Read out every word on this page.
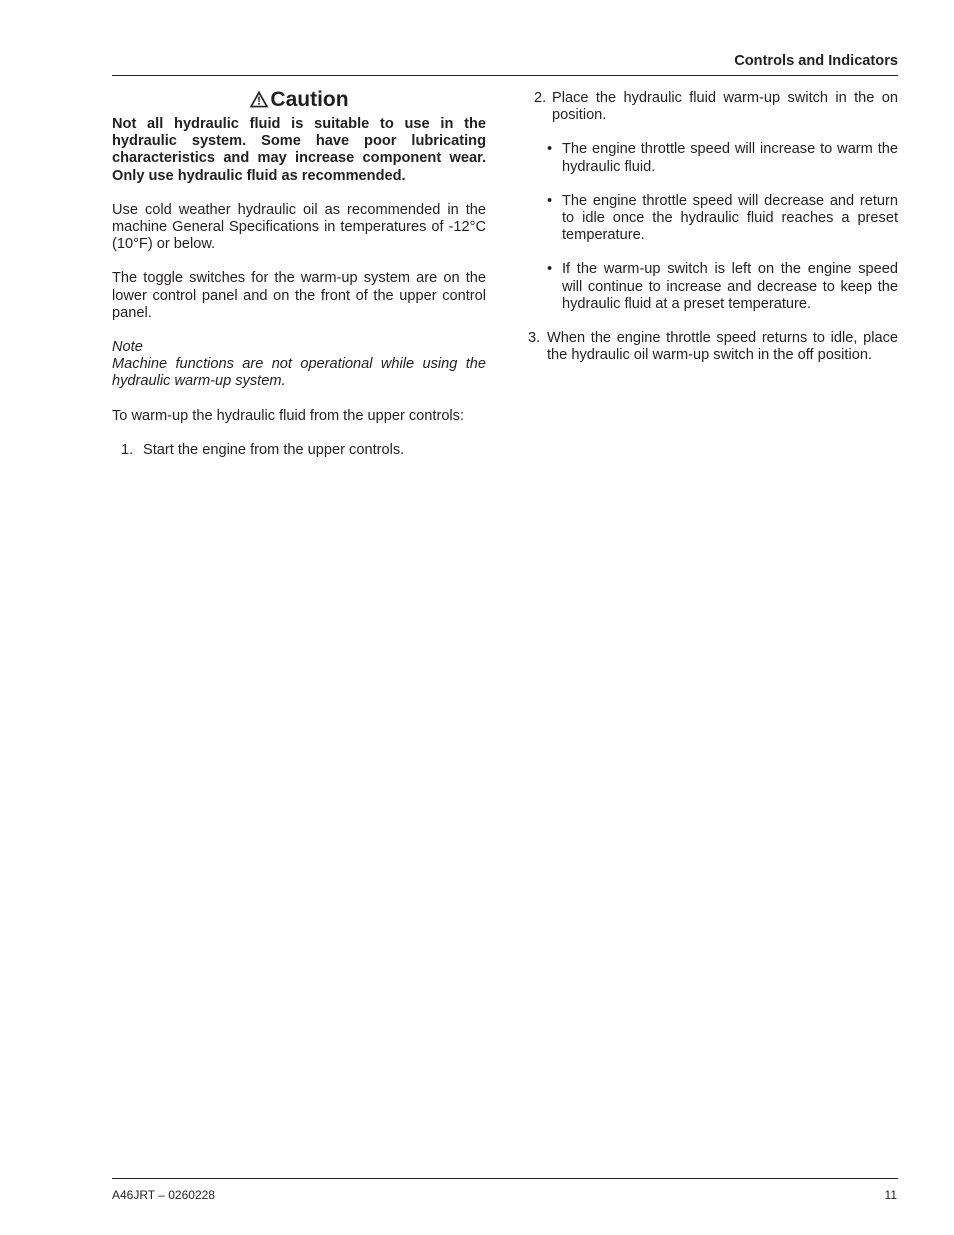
Controls and Indicators
Caution

Not all hydraulic fluid is suitable to use in the hydraulic system. Some have poor lubricating characteristics and may increase component wear. Only use hydraulic fluid as recommended.

Use cold weather hydraulic oil as recommended in the machine General Specifications in temperatures of -12°C (10°F) or below.

The toggle switches for the warm-up system are on the lower control panel and on the front of the upper control panel.

Note

Machine functions are not operational while using the hydraulic warm-up system.

To warm-up the hydraulic fluid from the upper controls:

1. Start the engine from the upper controls.
2. Place the hydraulic fluid warm-up switch in the on position.
• The engine throttle speed will increase to warm the hydraulic fluid.
• The engine throttle speed will decrease and return to idle once the hydraulic fluid reaches a preset temperature.
• If the warm-up switch is left on the engine speed will continue to increase and decrease to keep the hydraulic fluid at a preset temperature.
3. When the engine throttle speed returns to idle, place the hydraulic oil warm-up switch in the off position.
A46JRT – 0260228	11
